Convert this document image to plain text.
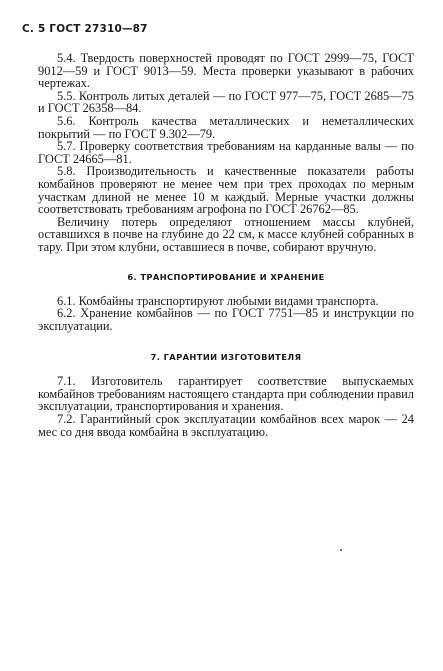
С. 5 ГОСТ 27310—87

5.4. Твердость поверхностей проводят по ГОСТ 2999—75, ГОСТ 9012—59 и ГОСТ 9013—59. Места проверки указывают в рабочих чертежах.

5.5. Контроль литых деталей — по ГОСТ 977—75, ГОСТ 2685—75 и ГОСТ 26358—84.

5.6. Контроль качества металлических и неметаллических покрытий — по ГОСТ 9.302—79.

5.7. Проверку соответствия требованиям на карданные валы — по ГОСТ 24665—81.

5.8. Производительность и качественные показатели работы комбайнов проверяют не менее чем при трех проходах по мерным участкам длиной не менее 10 м каждый. Мерные участки должны соответствовать требованиям агрофона по ГОСТ 26762—85.

Величину потерь определяют отношением массы клубней, оставшихся в почве на глубине до 22 см, к массе клубней собранных в тару. При этом клубни, оставшиеся в почве, собирают вручную.

6. ТРАНСПОРТИРОВАНИЕ И ХРАНЕНИЕ

6.1. Комбайны транспортируют любыми видами транспорта.

6.2. Хранение комбайнов — по ГОСТ 7751—85 и инструкции по эксплуатации.

7. ГАРАНТИИ ИЗГОТОВИТЕЛЯ

7.1. Изготовитель гарантирует соответствие выпускаемых комбайнов требованиям настоящего стандарта при соблюдении правил эксплуатации, транспортирования и хранения.

7.2. Гарантийный срок эксплуатации комбайнов всех марок — 24 мес со дня ввода комбайна в эксплуатацию.
